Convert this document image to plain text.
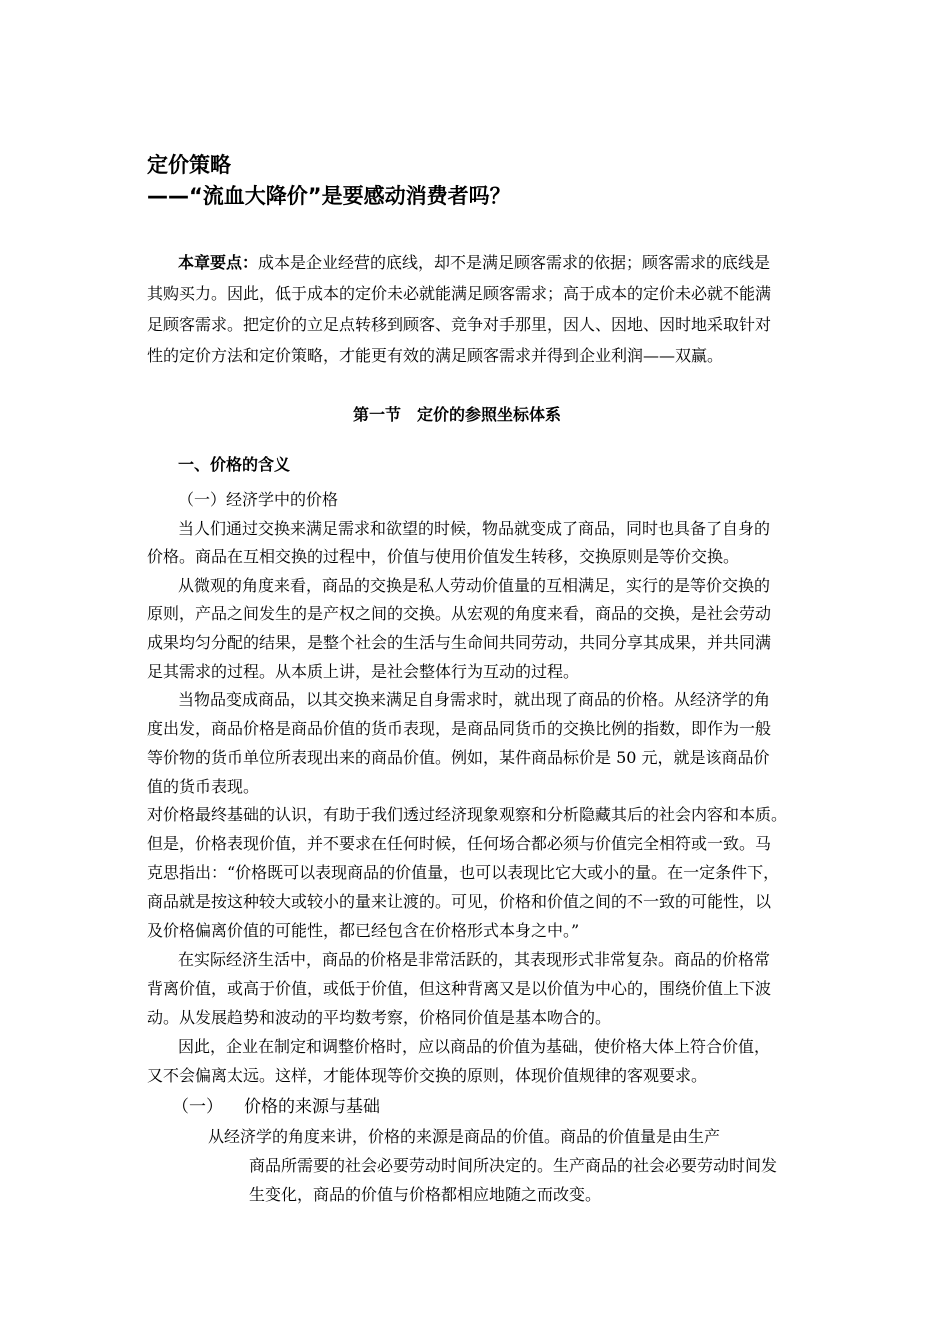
定价策略
——“流血大降价”是要感动消费者吗？
本章要点：成本是企业经营的底线，却不是满足顾客需求的依据；顾客需求的底线是
其购买力。因此，低于成本的定价未必就能满足顾客需求；高于成本的定价未必就不能满
足顾客需求。把定价的立足点转移到顾客、竞争对手那里，因人、因地、因时地采取针对
性的定价方法和定价策略，才能更有效的满足顾客需求并得到企业利润——双赢。
第一节　定价的参照坐标体系
一、价格的含义
（一）经济学中的价格
当人们通过交换来满足需求和欲望的时候，物品就变成了商品，同时也具备了自身的
价格。商品在互相交换的过程中，价值与使用价值发生转移，交换原则是等价交换。
从微观的角度来看，商品的交换是私人劳动价值量的互相满足，实行的是等价交换的
原则，产品之间发生的是产权之间的交换。从宏观的角度来看，商品的交换，是社会劳动
成果均匀分配的结果，是整个社会的生活与生命间共同劳动，共同分享其成果，并共同满
足其需求的过程。从本质上讲，是社会整体行为互动的过程。
当物品变成商品，以其交换来满足自身需求时，就出现了商品的价格。从经济学的角
度出发，商品价格是商品价值的货币表现，是商品同货币的交换比例的指数，即作为一般
等价物的货币单位所表现出来的商品价值。例如，某件商品标价是 50 元，就是该商品价
值的货币表现。
对价格最终基础的认识，有助于我们透过经济现象观察和分析隐藏其后的社会内容和本质。
但是，价格表现价值，并不要求在任何时候，任何场合都必须与价值完全相符或一致。马
克思指出：“价格既可以表现商品的价值量，也可以表现比它大或小的量。在一定条件下，
商品就是按这种较大或较小的量来让渡的。可见，价格和价值之间的不一致的可能性，以
及价格偏离价值的可能性，都已经包含在价格形式本身之中。”
在实际经济生活中，商品的价格是非常活跃的，其表现形式非常复杂。商品的价格常
背离价值，或高于价值，或低于价值，但这种背离又是以价值为中心的，围绕价值上下波
动。从发展趋势和波动的平均数考察，价格同价值是基本吻合的。
因此，企业在制定和调整价格时，应以商品的价值为基础，使价格大体上符合价值，
又不会偏离太远。这样，才能体现等价交换的原则，体现价值规律的客观要求。
（一） 价格的来源与基础
从经济学的角度来讲，价格的来源是商品的价值。商品的价值量是由生产
商品所需要的社会必要劳动时间所决定的。生产商品的社会必要劳动时间发
生变化，商品的价值与价格都相应地随之而改变。
